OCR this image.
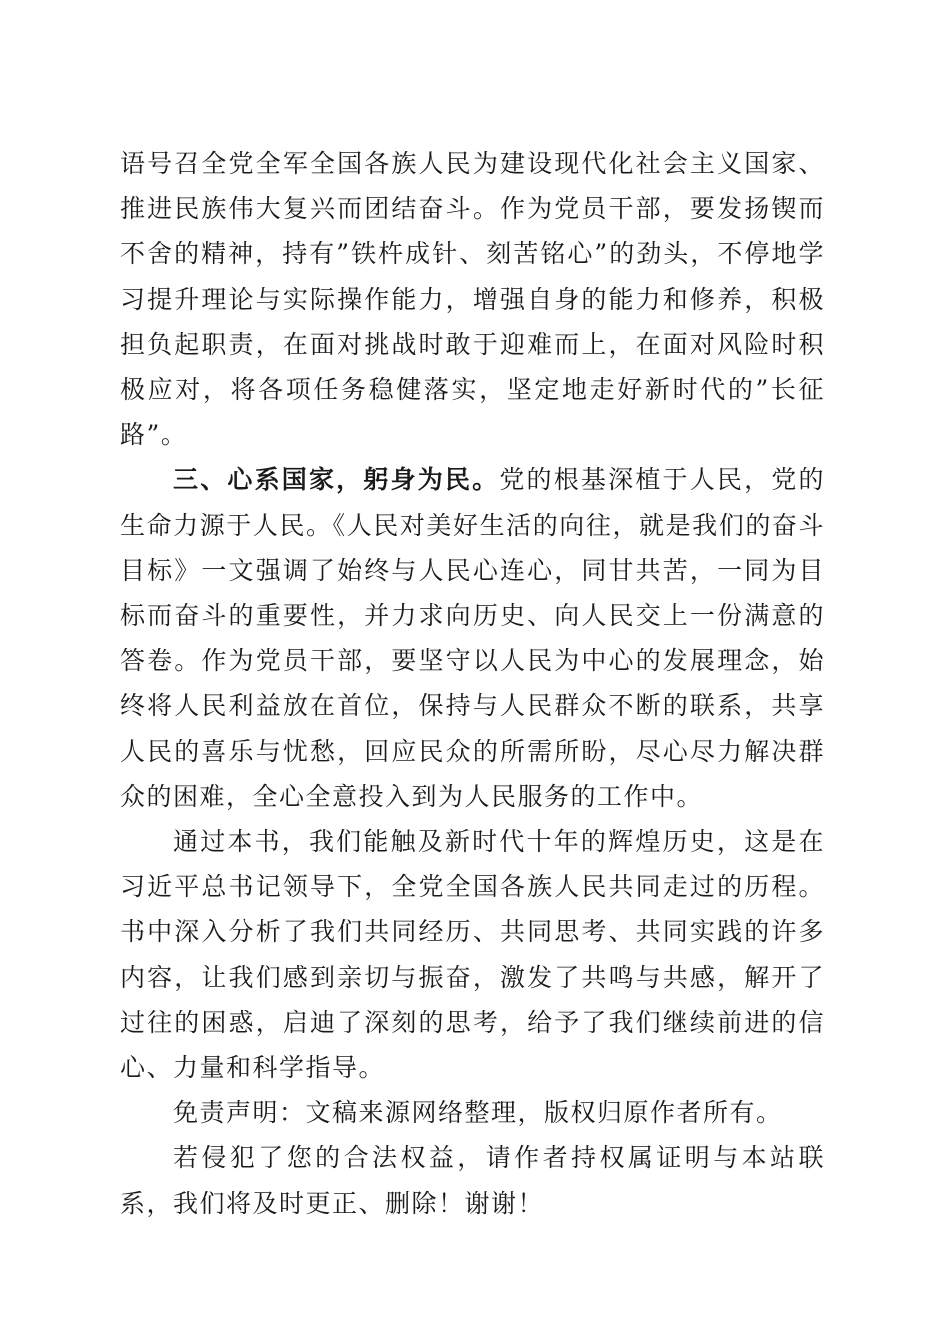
语号召全党全军全国各族人民为建设现代化社会主义国家、推进民族伟大复兴而团结奋斗。作为党员干部，要发扬锲而不舍的精神，持有”铁杵成针、刻苦铭心”的劲头，不停地学习提升理论与实际操作能力，增强自身的能力和修养，积极担负起职责，在面对挑战时敢于迎难而上，在面对风险时积极应对，将各项任务稳健落实，坚定地走好新时代的”长征路”。

三、心系国家，躬身为民。党的根基深植于人民，党的生命力源于人民。《人民对美好生活的向往，就是我们的奋斗目标》一文强调了始终与人民心连心，同甘共苦，一同为目标而奋斗的重要性，并力求向历史、向人民交上一份满意的答卷。作为党员干部，要坚守以人民为中心的发展理念，始终将人民利益放在首位，保持与人民群众不断的联系，共享人民的喜乐与忧愁，回应民众的所需所盼，尽心尽力解决群众的困难，全心全意投入到为人民服务的工作中。

通过本书，我们能触及新时代十年的辉煌历史，这是在习近平总书记领导下，全党全国各族人民共同走过的历程。书中深入分析了我们共同经历、共同思考、共同实践的许多内容，让我们感到亲切与振奋，激发了共鸣与共感，解开了过往的困惑，启迪了深刻的思考，给予了我们继续前进的信心、力量和科学指导。

免责声明：文稿来源网络整理，版权归原作者所有。

若侵犯了您的合法权益，请作者持权属证明与本站联系，我们将及时更正、删除！谢谢！
